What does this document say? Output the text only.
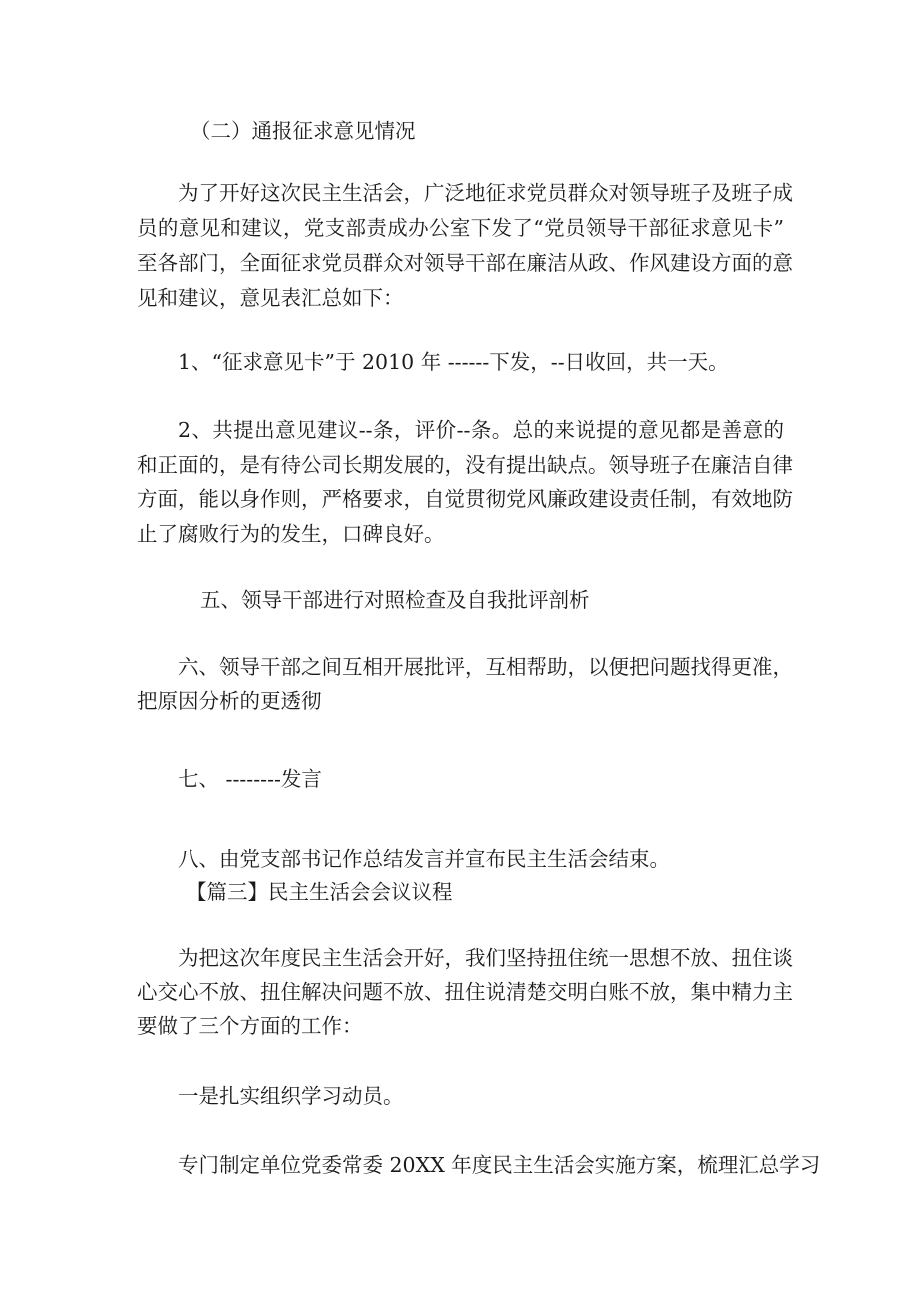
（二）通报征求意见情况

为了开好这次民主生活会，广泛地征求党员群众对领导班子及班子成

员的意见和建议，党支部责成办公室下发了“党员领导干部征求意见卡”

至各部门，全面征求党员群众对领导干部在廉洁从政、作风建设方面的意

见和建议，意见表汇总如下：

1、“征求意见卡”于 2010 年 ------下发，--日收回，共一天。

2、共提出意见建议--条，评价--条。总的来说提的意见都是善意的

和正面的，是有待公司长期发展的，没有提出缺点。领导班子在廉洁自律

方面，能以身作则，严格要求，自觉贯彻党风廉政建设责任制，有效地防

止了腐败行为的发生，口碑良好。

五、领导干部进行对照检查及自我批评剖析

六、领导干部之间互相开展批评，互相帮助，以便把问题找得更准，

把原因分析的更透彻

七、 --------发言

八、由党支部书记作总结发言并宣布民主生活会结束。

【篇三】民主生活会会议议程

为把这次年度民主生活会开好，我们坚持扭住统一思想不放、扭住谈

心交心不放、扭住解决问题不放、扭住说清楚交明白账不放，集中精力主

要做了三个方面的工作：

一是扎实组织学习动员。

专门制定单位党委常委 20XX 年度民主生活会实施方案，梳理汇总学习
